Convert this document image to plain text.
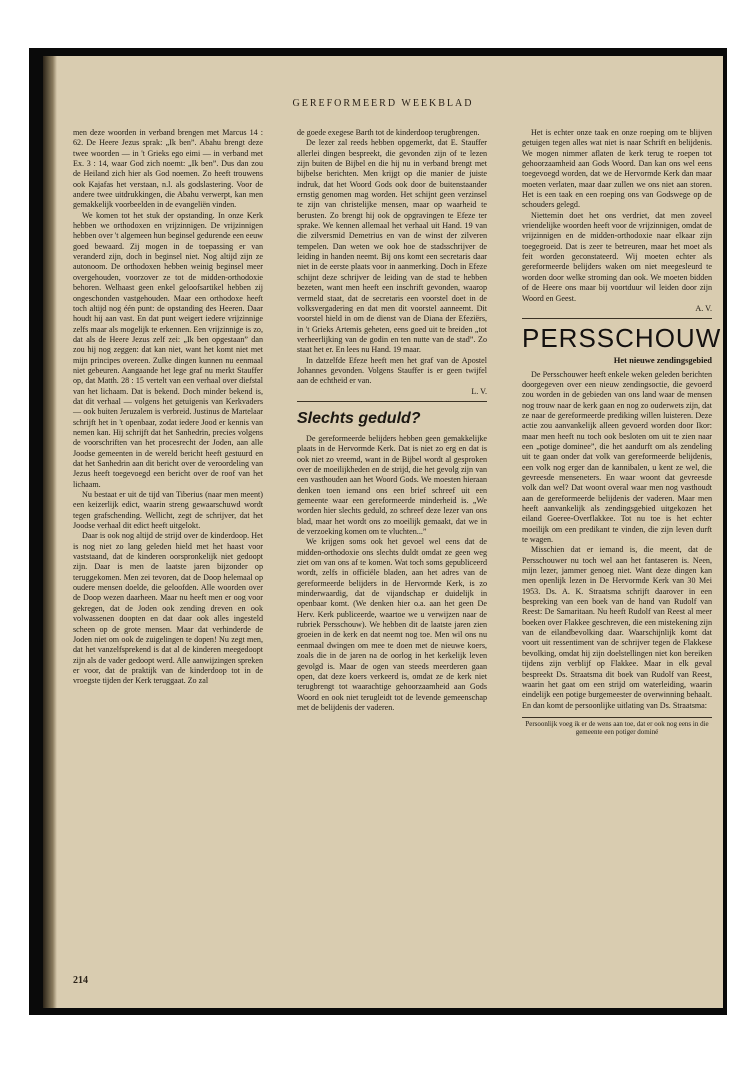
GEREFORMEERD WEEKBLAD

men deze woorden in verband brengen met Marcus 14 : 62. De Heere Jezus sprak: „Ik ben”. Abahu brengt deze twee woorden — in 't Grieks ego eimi — in verband met Ex. 3 : 14, waar God zich noemt: „Ik ben”. Dus dan zou de Heiland zich hier als God noemen. Zo heeft trouwens ook Kajafas het verstaan, n.l. als godslastering. Voor de andere twee uitdrukkingen, die Abahu verwerpt, kan men gemakkelijk voorbeelden in de evangeliën vinden.

We komen tot het stuk der opstanding. In onze Kerk hebben we orthodoxen en vrijzinnigen. De vrijzinnigen hebben over 't algemeen hun beginsel gedurende een eeuw goed bewaard. Zij mogen in de toepassing er van veranderd zijn, doch in beginsel niet. Nog altijd zijn ze autonoom. De orthodoxen hebben weinig beginsel meer overgehouden, voorzover ze tot de midden-orthodoxie behoren. Welhaast geen enkel geloofsartikel hebben zij ongeschonden vastgehouden. Maar een orthodoxe heeft toch altijd nog één punt: de opstanding des Heeren. Daar houdt hij aan vast. En dat punt weigert iedere vrijzinnige zelfs maar als mogelijk te erkennen. Een vrijzinnige is zo, dat als de Heere Jezus zelf zei: „Ik ben opgestaan” dan zou hij nog zeggen: dat kan niet, want het komt niet met mijn principes overeen. Zulke dingen kunnen nu eenmaal niet gebeuren. Aangaande het lege graf nu merkt Stauffer op, dat Matth. 28 : 15 vertelt van een verhaal over diefstal van het lichaam. Dat is bekend. Doch minder bekend is, dat dit verhaal — volgens het getuigenis van Kerkvaders — ook buiten Jeruzalem is verbreid. Justinus de Martelaar schrijft het in 't openbaar, zodat iedere Jood er kennis van nemen kan. Hij schrijft dat het Sanhedrin, precies volgens de voorschriften van het procesrecht der Joden, aan alle Joodse gemeenten in de wereld bericht heeft gestuurd en dat het Sanhedrin aan dit bericht over de veroordeling van Jezus heeft toegevoegd een bericht over de roof van het lichaam.

Nu bestaat er uit de tijd van Tiberius (naar men meent) een keizerlijk edict, waarin streng gewaarschuwd wordt tegen grafschending. Wellicht, zegt de schrijver, dat het Joodse verhaal dit edict heeft uitgelokt.

Daar is ook nog altijd de strijd over de kinderdoop. Het is nog niet zo lang geleden hield met het haast voor vaststaand, dat de kinderen oorspronkelijk niet gedoopt zijn. Daar is men de laatste jaren bijzonder op teruggekomen. Men zei tevoren, dat de Doop helemaal op oudere mensen doelde, die geloofden. Alle woorden over de Doop wezen daarheen. Maar nu heeft men er oog voor gekregen, dat de Joden ook zending dreven en ook volwassenen doopten en dat daar ook alles ingesteld scheen op de grote mensen. Maar dat verhinderde de Joden niet om ook de zuigelingen te dopen! Nu zegt men, dat het vanzelfsprekend is dat al de kinderen meegedoopt zijn als de vader gedoopt werd. Alle aanwijzingen spreken er voor, dat de praktijk van de kinderdoop tot in de vroegste tijden der Kerk teruggaat. Zo zal

de goede exegese Barth tot de kinderdoop terugbrengen.

De lezer zal reeds hebben opgemerkt, dat E. Stauffer allerlei dingen bespreekt, die gevonden zijn of te lezen zijn buiten de Bijbel en die hij nu in verband brengt met bijbelse berichten. Men krijgt op die manier de juiste indruk, dat het Woord Gods ook door de buitenstaander ernstig genomen mag worden. Het schijnt geen verzinsel te zijn van christelijke mensen, maar op waarheid te berusten. Zo brengt hij ook de opgravingen te Efeze ter sprake. We kennen allemaal het verhaal uit Hand. 19 van die zilversmid Demetrius en van de winst der zilveren tempelen. Dan weten we ook hoe de stadsschrijver de leiding in handen neemt. Bij ons komt een secretaris daar niet in de eerste plaats voor in aanmerking. Doch in Efeze schijnt deze schrijver de leiding van de stad te hebben bezeten, want men heeft een inschrift gevonden, waarop vermeld staat, dat de secretaris een voorstel doet in de volksvergadering en dat men dit voorstel aanneemt. Dit voorstel hield in om de dienst van de Diana der Efeziërs, in 't Grieks Artemis geheten, eens goed uit te breiden „tot verheerlijking van de godin en ten nutte van de stad”. Zo staat het er. En lees nu Hand. 19 maar.

In datzelfde Efeze heeft men het graf van de Apostel Johannes gevonden. Volgens Stauffer is er geen twijfel aan de echtheid er van.

L. V.
Slechts geduld?

De gereformeerde belijders hebben geen gemakkelijke plaats in de Hervormde Kerk. Dat is niet zo erg en dat is ook niet zo vreemd, want in de Bijbel wordt al gesproken over de moeilijkheden en de strijd, die het gevolg zijn van een vasthouden aan het Woord Gods. We moesten hieraan denken toen iemand ons een brief schreef uit een gemeente waar een gereformeerde minderheid is. „We worden hier slechts geduld, zo schreef deze lezer van ons blad, maar het wordt ons zo moeilijk gemaakt, dat we in de verzoeking komen om te vluchten...”

We krijgen soms ook het gevoel wel eens dat de midden-orthodoxie ons slechts duldt omdat ze geen weg ziet om van ons af te komen. Wat toch soms gepubliceerd wordt, zelfs in officiële bladen, aan het adres van de gereformeerde belijders in de Hervormde Kerk, is zo minderwaardig, dat de vijandschap er duidelijk in openbaar komt. (We denken hier o.a. aan het geen De Herv. Kerk publiceerde, waartoe we u verwijzen naar de rubriek Persschouw). We hebben dit de laatste jaren zien groeien in de kerk en dat neemt nog toe. Men wil ons nu eenmaal dwingen om mee te doen met de nieuwe koers, zoals die in de jaren na de oorlog in het kerkelijk leven gevolgd is. Maar de ogen van steeds meerderen gaan open, dat deze koers verkeerd is, omdat ze de kerk niet terugbrengt tot waarachtige gehoorzaamheid aan Gods Woord en ook niet terugleidt tot de levende gemeenschap met de belijdenis der vaderen.

Het is echter onze taak en onze roeping om te blijven getuigen tegen alles wat niet is naar Schrift en belijdenis. We mogen nimmer aflaten de kerk terug te roepen tot gehoorzaamheid aan Gods Woord. Dan kan ons wel eens toegevoegd worden, dat we de Hervormde Kerk dan maar moeten verlaten, maar daar zullen we ons niet aan storen. Het is een taak en een roeping ons van Godswege op de schouders gelegd.

Niettemin doet het ons verdriet, dat men zoveel vriendelijke woorden heeft voor de vrijzinnigen, omdat de vrijzinnigen en de midden-orthodoxie naar elkaar zijn toegegroeid. Dat is zeer te betreuren, maar het moet als feit worden geconstateerd. Wij moeten echter als gereformeerde belijders waken om niet meegesleurd te worden door welke stroming dan ook. We moeten bidden of de Heere ons maar bij voortduur wil leiden door zijn Woord en Geest.

A. V.
PERSSCHOUW
Het nieuwe zendingsgebied

De Persschouwer heeft enkele weken geleden berichten doorgegeven over een nieuw zendingsoctie, die gevoerd zou worden in de gebieden van ons land waar de mensen nog trouw naar de kerk gaan en nog zo ouderwets zijn, dat ze naar de gereformeerde prediking willen luisteren. Deze actie zou aanvankelijk alleen gevoerd worden door Ikor: maar men heeft nu toch ook besloten om uit te zien naar een „potige dominee”, die het aandurft om als zendeling uit te gaan onder dat volk van gereformeerde belijdenis, een volk nog erger dan de kannibalen, u kent ze wel, die gevreesde menseneters. En waar woont dat gevreesde volk dan wel? Dat woont overal waar men nog vasthoudt aan de gereformeerde belijdenis der vaderen. Maar men heeft aanvankelijk als zendingsgebied uitgekozen het eiland Goeree-Overflakkee. Tot nu toe is het echter moeilijk om een predikant te vinden, die zijn leven durft te wagen.

Misschien dat er iemand is, die meent, dat de Persschouwer nu toch wel aan het fantaseren is. Neen, mijn lezer, jammer genoeg niet. Want deze dingen kan men openlijk lezen in De Hervormde Kerk van 30 Mei 1953. Ds. A. K. Straatsma schrijft daarover in een bespreking van een boek van de hand van Rudolf van Reest: De Samaritaan. Nu heeft Rudolf van Reest al meer boeken over Flakkee geschreven, die een mistekening zijn van de eilandbevolking daar. Waarschijnlijk komt dat voort uit ressentiment van de schrijver tegen de Flakkese bevolking, omdat hij zijn doelstellingen niet kon bereiken tijdens zijn verblijf op Flakkee. Maar in elk geval bespreekt Ds. Straatsma dit boek van Rudolf van Reest, waarin het gaat om een strijd om waterleiding, waarin eindelijk een potige burgemeester de overwinning behaalt. En dan komt de persoonlijke uitlating van Ds. Straatsma:

Persoonlijk voeg ik er de wens aan toe, dat er ook nog eens in die gemeente een potiger dominé
214
